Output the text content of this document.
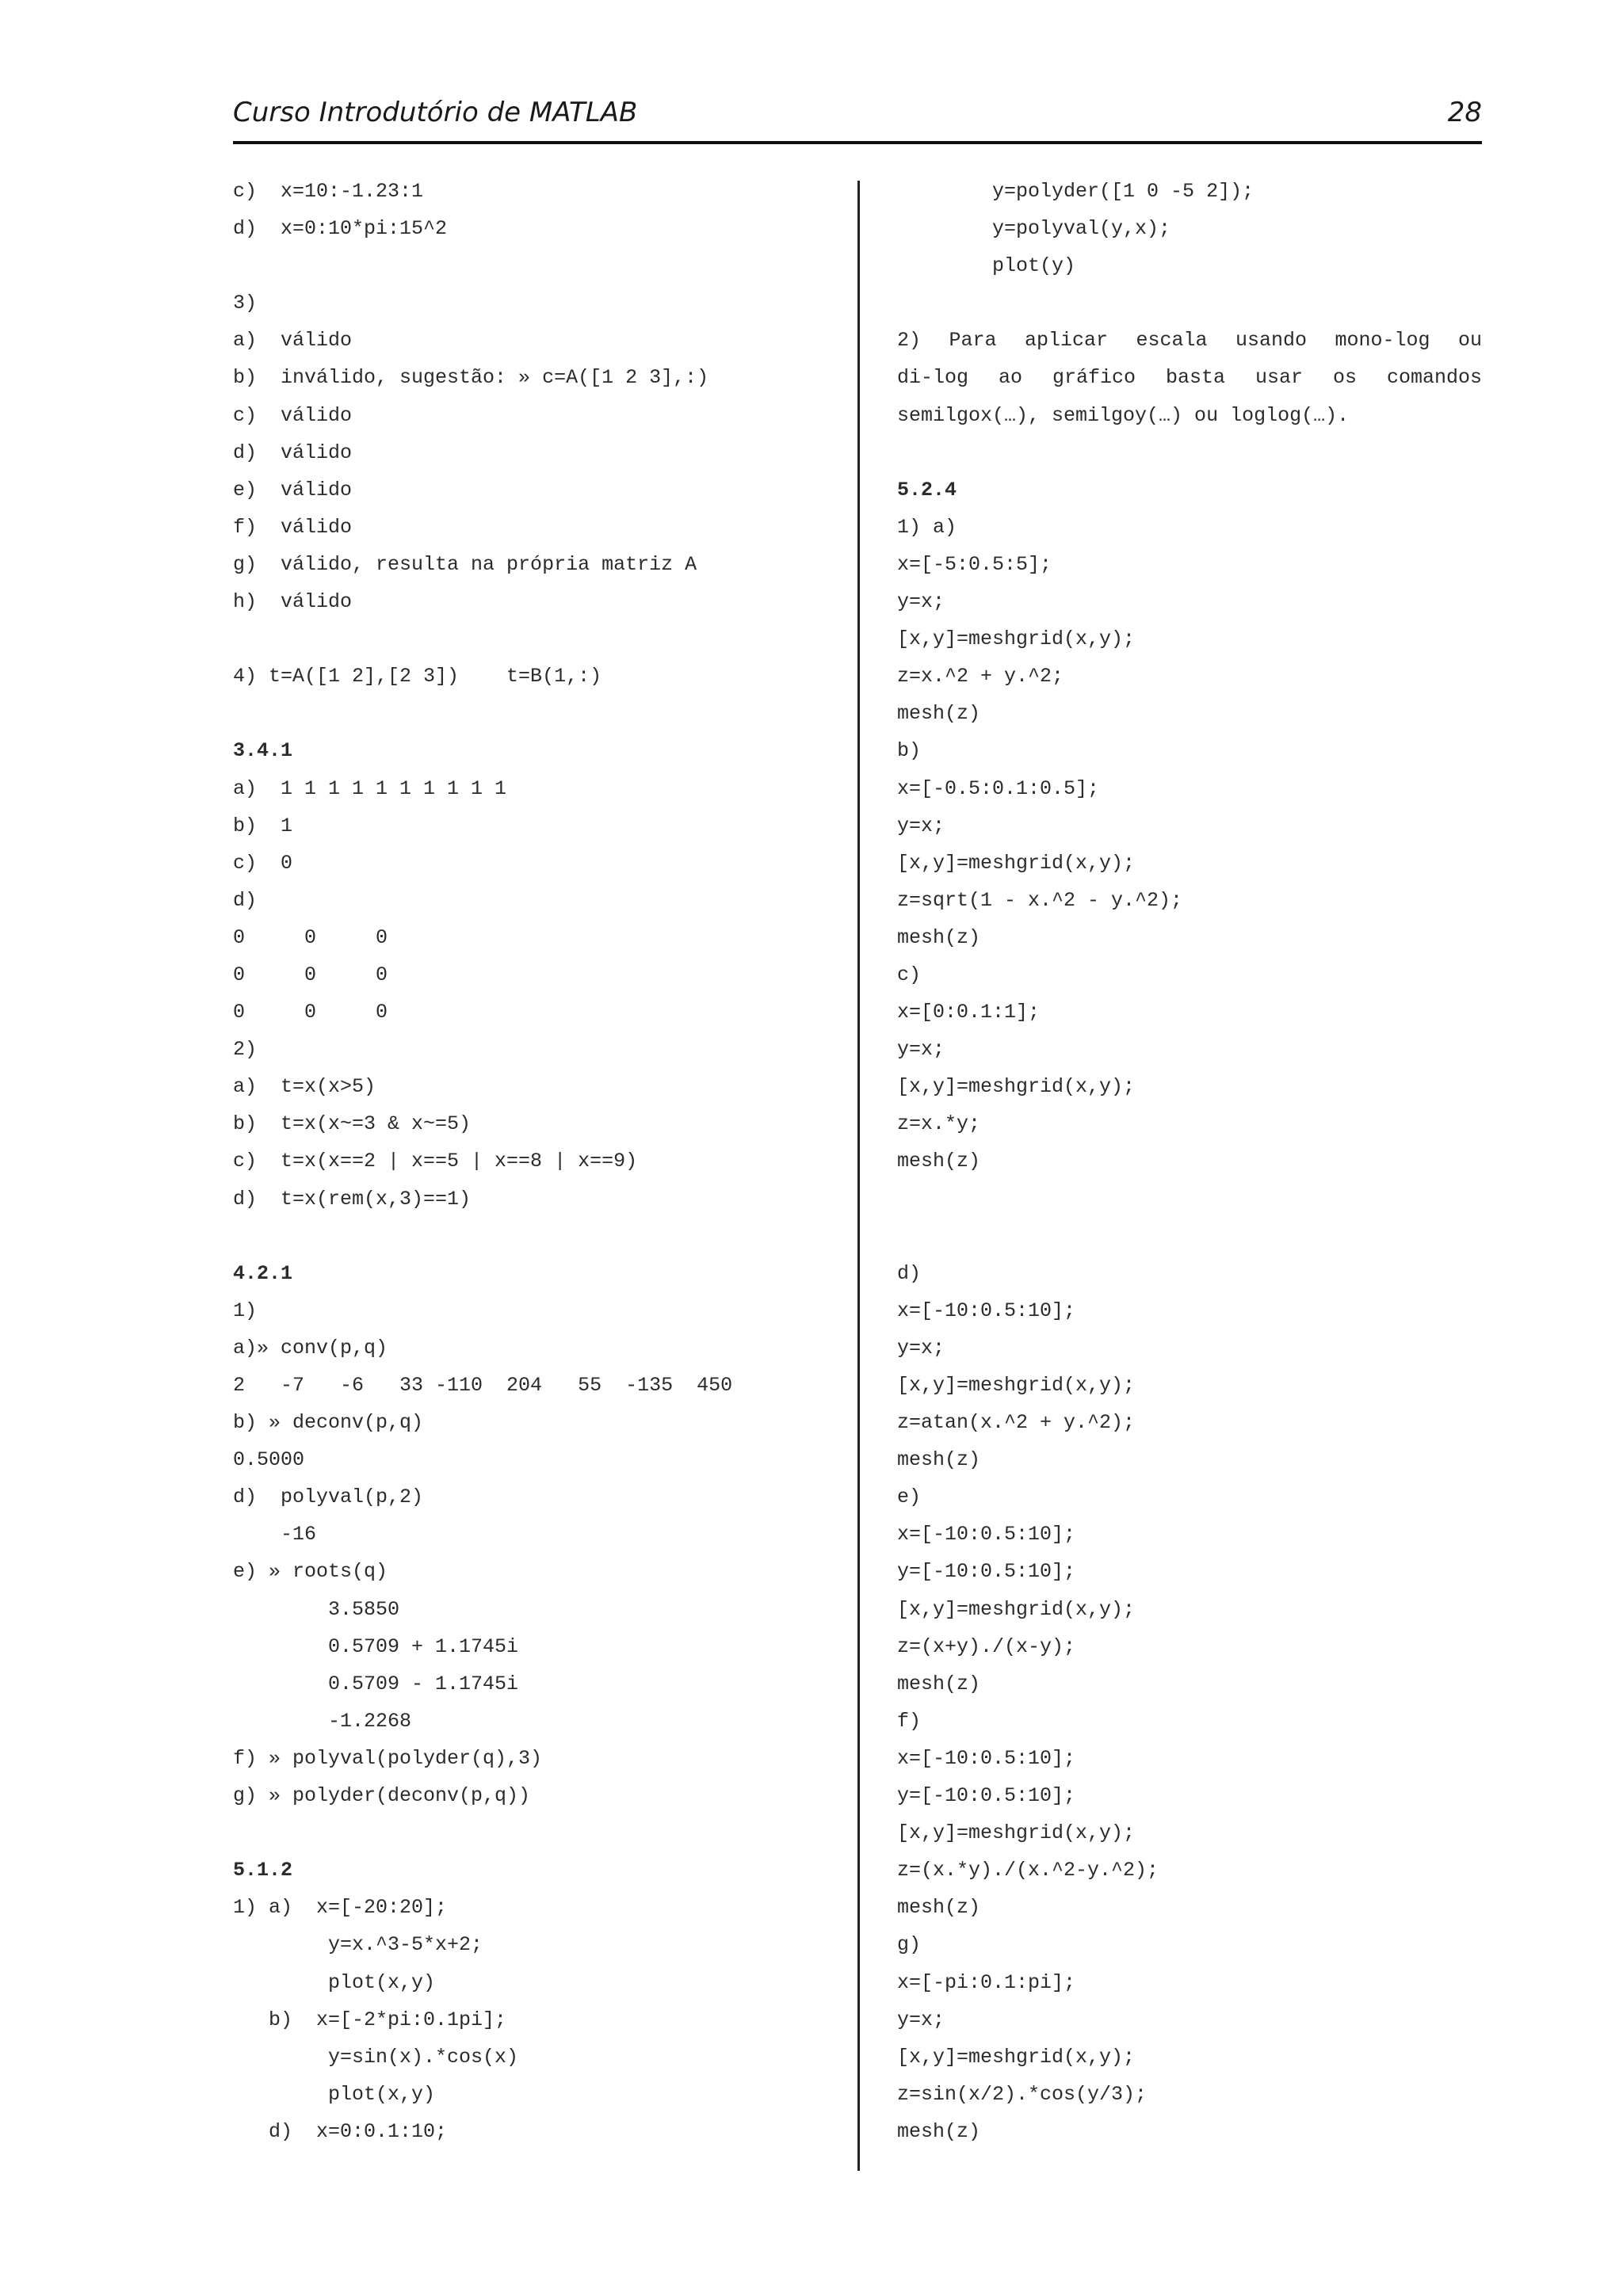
Curso Introdutório de MATLAB	28
c)  x=10:-1.23:1
d)  x=0:10*pi:15^2
3)
a)  válido
b)  inválido, sugestão: » c=A([1 2 3],:)
c)  válido
d)  válido
e)  válido
f)  válido
g)  válido, resulta na própria matriz A
h)  válido
4) t=A([1 2],[2 3])    t=B(1,:)
3.4.1
a)  1 1 1 1 1 1 1 1 1 1
b)  1
c)  0
d)
0     0     0
0     0     0
0     0     0
2)
a)  t=x(x>5)
b)  t=x(x~=3 & x~=5)
c)  t=x(x==2 | x==5 | x==8 | x==9)
d)  t=x(rem(x,3)==1)
4.2.1
1)
a)» conv(p,q)
2   -7   -6   33 -110  204   55  -135  450
b) » deconv(p,q)
0.5000
d)  polyval(p,2)
-16
e) » roots(q)
3.5850
0.5709 + 1.1745i
0.5709 - 1.1745i
-1.2268
f) » polyval(polyder(q),3)
g) » polyder(deconv(p,q))
5.1.2
1) a)  x=[-20:20];
y=x.^3-5*x+2;
plot(x,y)
b)  x=[-2*pi:0.1pi];
y=sin(x).*cos(x)
plot(x,y)
d)  x=0:0.1:10;
y=polyder([1 0 -5 2]);
y=polyval(y,x);
plot(y)
2) Para aplicar escala usando mono-log ou
di-log ao gráfico basta usar os comandos
semilgox(…), semilgoy(…) ou loglog(…).
5.2.4
1) a)
x=[-5:0.5:5];
y=x;
[x,y]=meshgrid(x,y);
z=x.^2 + y.^2;
mesh(z)
b)
x=[-0.5:0.1:0.5];
y=x;
[x,y]=meshgrid(x,y);
z=sqrt(1 - x.^2 - y.^2);
mesh(z)
c)
x=[0:0.1:1];
y=x;
[x,y]=meshgrid(x,y);
z=x.*y;
mesh(z)
d)
x=[-10:0.5:10];
y=x;
[x,y]=meshgrid(x,y);
z=atan(x.^2 + y.^2);
mesh(z)
e)
x=[-10:0.5:10];
y=[-10:0.5:10];
[x,y]=meshgrid(x,y);
z=(x+y)./(x-y);
mesh(z)
f)
x=[-10:0.5:10];
y=[-10:0.5:10];
[x,y]=meshgrid(x,y);
z=(x.*y)./(x.^2-y.^2);
mesh(z)
g)
x=[-pi:0.1:pi];
y=x;
[x,y]=meshgrid(x,y);
z=sin(x/2).*cos(y/3);
mesh(z)
